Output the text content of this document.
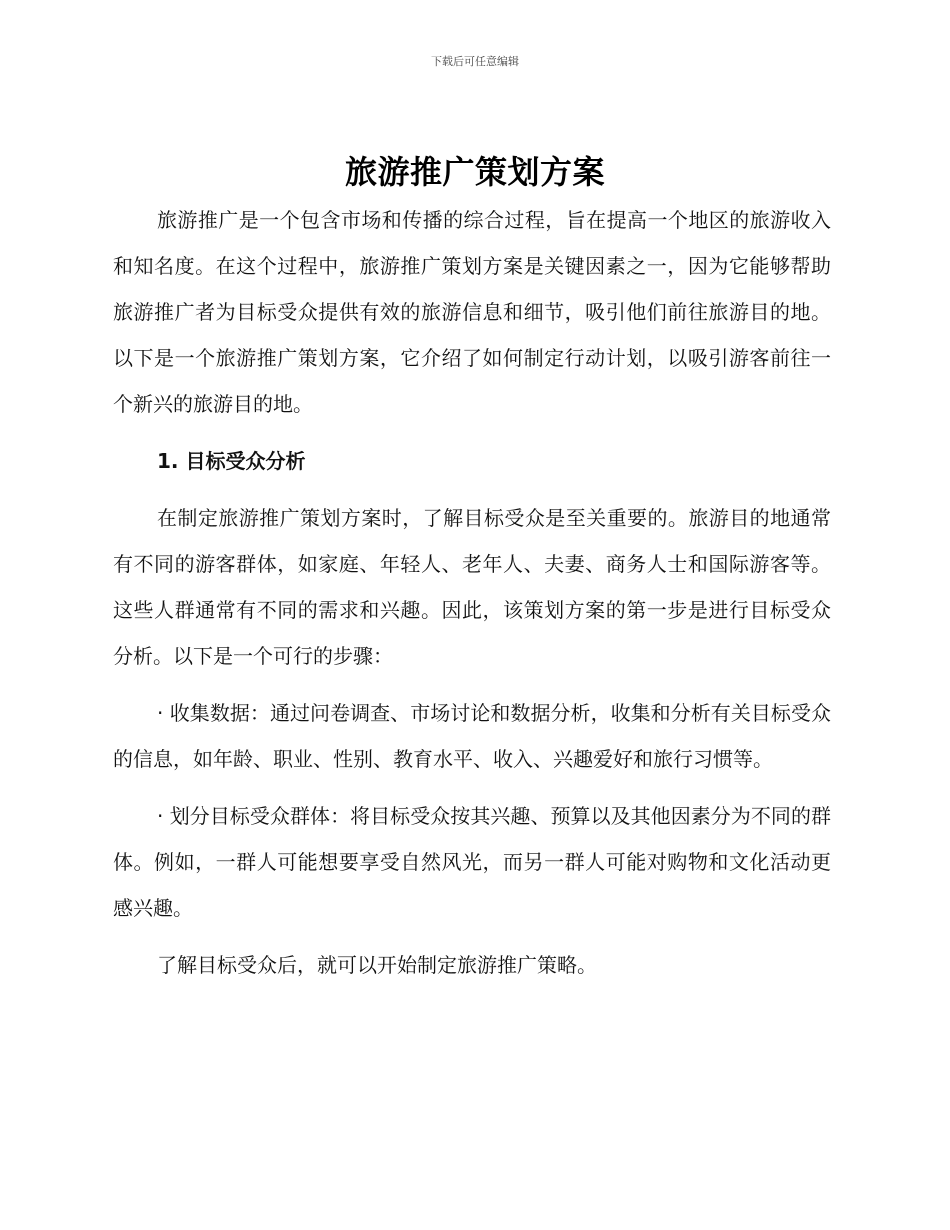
下载后可任意编辑
旅游推广策划方案

旅游推广是一个包含市场和传播的综合过程，旨在提高一个地区的旅游收入和知名度。在这个过程中，旅游推广策划方案是关键因素之一，因为它能够帮助旅游推广者为目标受众提供有效的旅游信息和细节，吸引他们前往旅游目的地。以下是一个旅游推广策划方案，它介绍了如何制定行动计划，以吸引游客前往一个新兴的旅游目的地。

1. 目标受众分析

在制定旅游推广策划方案时，了解目标受众是至关重要的。旅游目的地通常有不同的游客群体，如家庭、年轻人、老年人、夫妻、商务人士和国际游客等。这些人群通常有不同的需求和兴趣。因此，该策划方案的第一步是进行目标受众分析。以下是一个可行的步骤：

· 收集数据：通过问卷调查、市场讨论和数据分析，收集和分析有关目标受众的信息，如年龄、职业、性别、教育水平、收入、兴趣爱好和旅行习惯等。

· 划分目标受众群体：将目标受众按其兴趣、预算以及其他因素分为不同的群体。例如，一群人可能想要享受自然风光，而另一群人可能对购物和文化活动更感兴趣。

了解目标受众后，就可以开始制定旅游推广策略。
